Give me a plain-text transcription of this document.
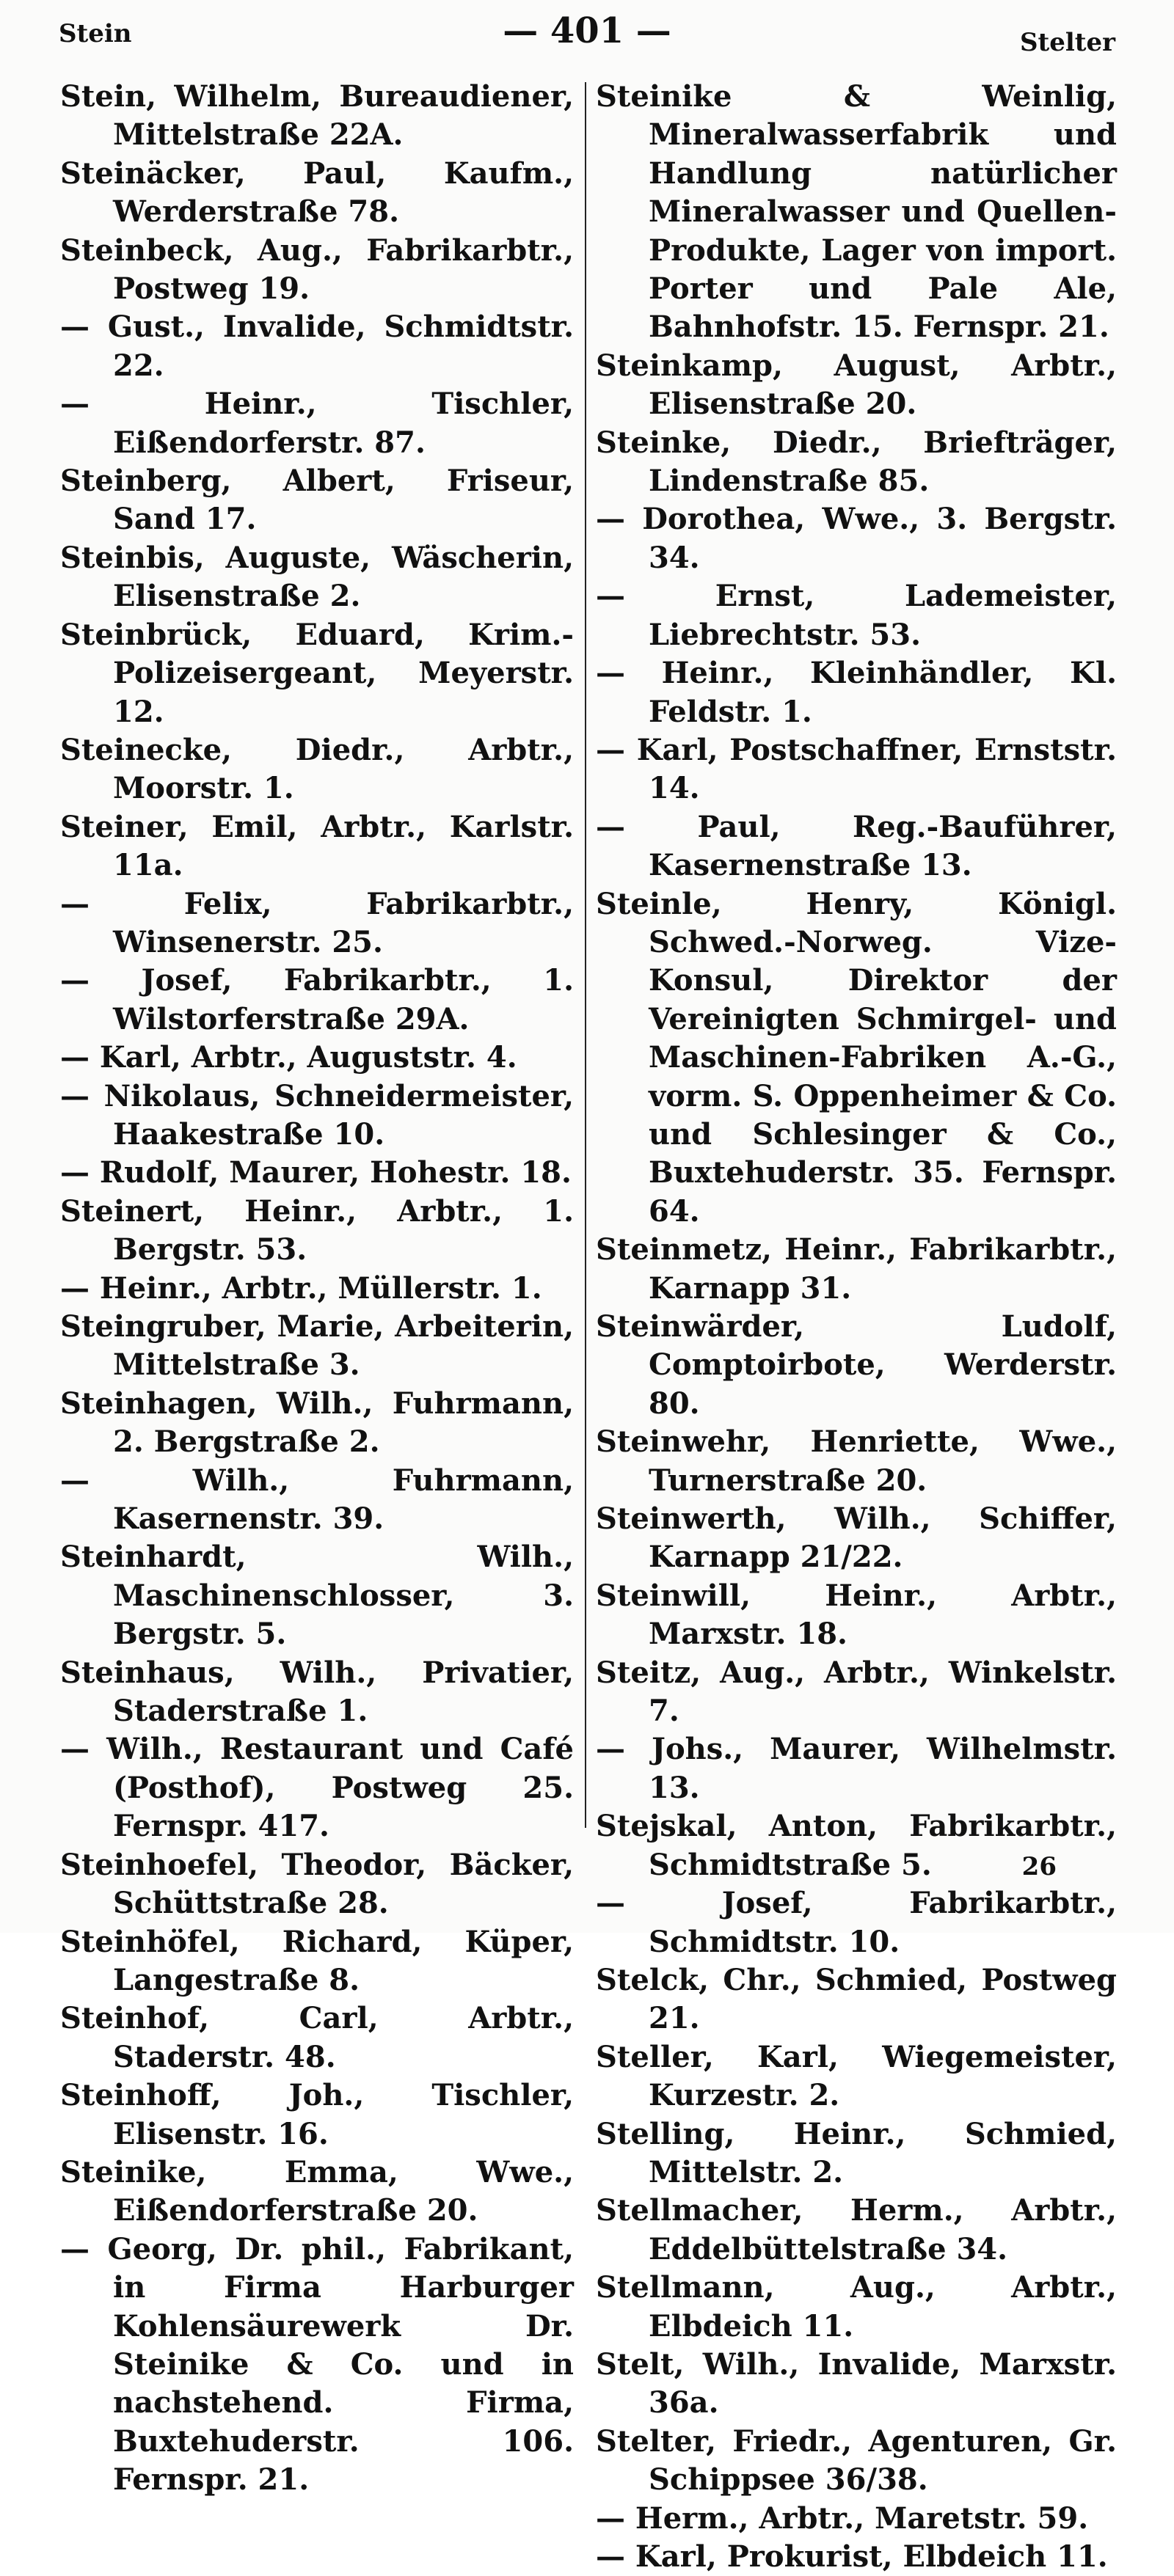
Stein	— 401 —	Stelter

Stein, Wilhelm, Bureaudiener, Mittelstraße 22A.

Steinäcker, Paul, Kaufm., Werderstraße 78.

Steinbeck, Aug., Fabrikarbtr., Postweg 19.

— Gust., Invalide, Schmidtstr. 22.

— Heinr., Tischler, Eißendorferstr. 87.

Steinberg, Albert, Friseur, Sand 17.

Steinbis, Auguste, Wäscherin, Elisenstraße 2.

Steinbrück, Eduard, Krim.-Polizeisergeant, Meyerstr. 12.

Steinecke, Diedr., Arbtr., Moorstr. 1.

Steiner, Emil, Arbtr., Karlstr. 11a.

— Felix, Fabrikarbtr., Winsenerstr. 25.

— Josef, Fabrikarbtr., 1. Wilstorferstraße 29A.

— Karl, Arbtr., Auguststr. 4.

— Nikolaus, Schneidermeister, Haakestraße 10.

— Rudolf, Maurer, Hohestr. 18.

Steinert, Heinr., Arbtr., 1. Bergstr. 53.

— Heinr., Arbtr., Müllerstr. 1.

Steingruber, Marie, Arbeiterin, Mittelstraße 3.

Steinhagen, Wilh., Fuhrmann, 2. Bergstraße 2.

— Wilh., Fuhrmann, Kasernenstr. 39.

Steinhardt, Wilh., Maschinenschlosser, 3. Bergstr. 5.

Steinhaus, Wilh., Privatier, Staderstraße 1.

— Wilh., Restaurant und Café (Posthof), Postweg 25. Fernspr. 417.

Steinhoefel, Theodor, Bäcker, Schüttstraße 28.

Steinhöfel, Richard, Küper, Langestraße 8.

Steinhof, Carl, Arbtr., Staderstr. 48.

Steinhoff, Joh., Tischler, Elisenstr. 16.

Steinike, Emma, Wwe., Eißendorferstraße 20.

— Georg, Dr. phil., Fabrikant, in Firma Harburger Kohlensäurewerk Dr. Steinike & Co. und in nachstehend. Firma, Buxtehuderstr. 106. Fernspr. 21.

Steinike & Weinlig, Mineralwasserfabrik und Handlung natürlicher Mineralwasser und Quellen-Produkte, Lager von import. Porter und Pale Ale, Bahnhofstr. 15. Fernspr. 21.

Steinkamp, August, Arbtr., Elisenstraße 20.

Steinke, Diedr., Briefträger, Lindenstraße 85.

— Dorothea, Wwe., 3. Bergstr. 34.

— Ernst, Lademeister, Liebrechtstr. 53.

— Heinr., Kleinhändler, Kl. Feldstr. 1.

— Karl, Postschaffner, Ernststr. 14.

— Paul, Reg.-Bauführer, Kasernenstraße 13.

Steinle, Henry, Königl. Schwed.-Norweg. Vize-Konsul, Direktor der Vereinigten Schmirgel- und Maschinen-Fabriken A.-G., vorm. S. Oppenheimer & Co. und Schlesinger & Co., Buxtehuderstr. 35. Fernspr. 64.

Steinmetz, Heinr., Fabrikarbtr., Karnapp 31.

Steinwärder, Ludolf, Comptoirbote, Werderstr. 80.

Steinwehr, Henriette, Wwe., Turnerstraße 20.

Steinwerth, Wilh., Schiffer, Karnapp 21/22.

Steinwill, Heinr., Arbtr., Marxstr. 18.

Steitz, Aug., Arbtr., Winkelstr. 7.

— Johs., Maurer, Wilhelmstr. 13.

Stejskal, Anton, Fabrikarbtr., Schmidtstraße 5.

— Josef, Fabrikarbtr., Schmidtstr. 10.

Stelck, Chr., Schmied, Postweg 21.

Steller, Karl, Wiegemeister, Kurzestr. 2.

Stelling, Heinr., Schmied, Mittelstr. 2.

Stellmacher, Herm., Arbtr., Eddelbüttelstraße 34.

Stellmann, Aug., Arbtr., Elbdeich 11.

Stelt, Wilh., Invalide, Marxstr. 36a.

Stelter, Friedr., Agenturen, Gr. Schippsee 36/38.

— Herm., Arbtr., Maretstr. 59.

— Karl, Prokurist, Elbdeich 11.

26
